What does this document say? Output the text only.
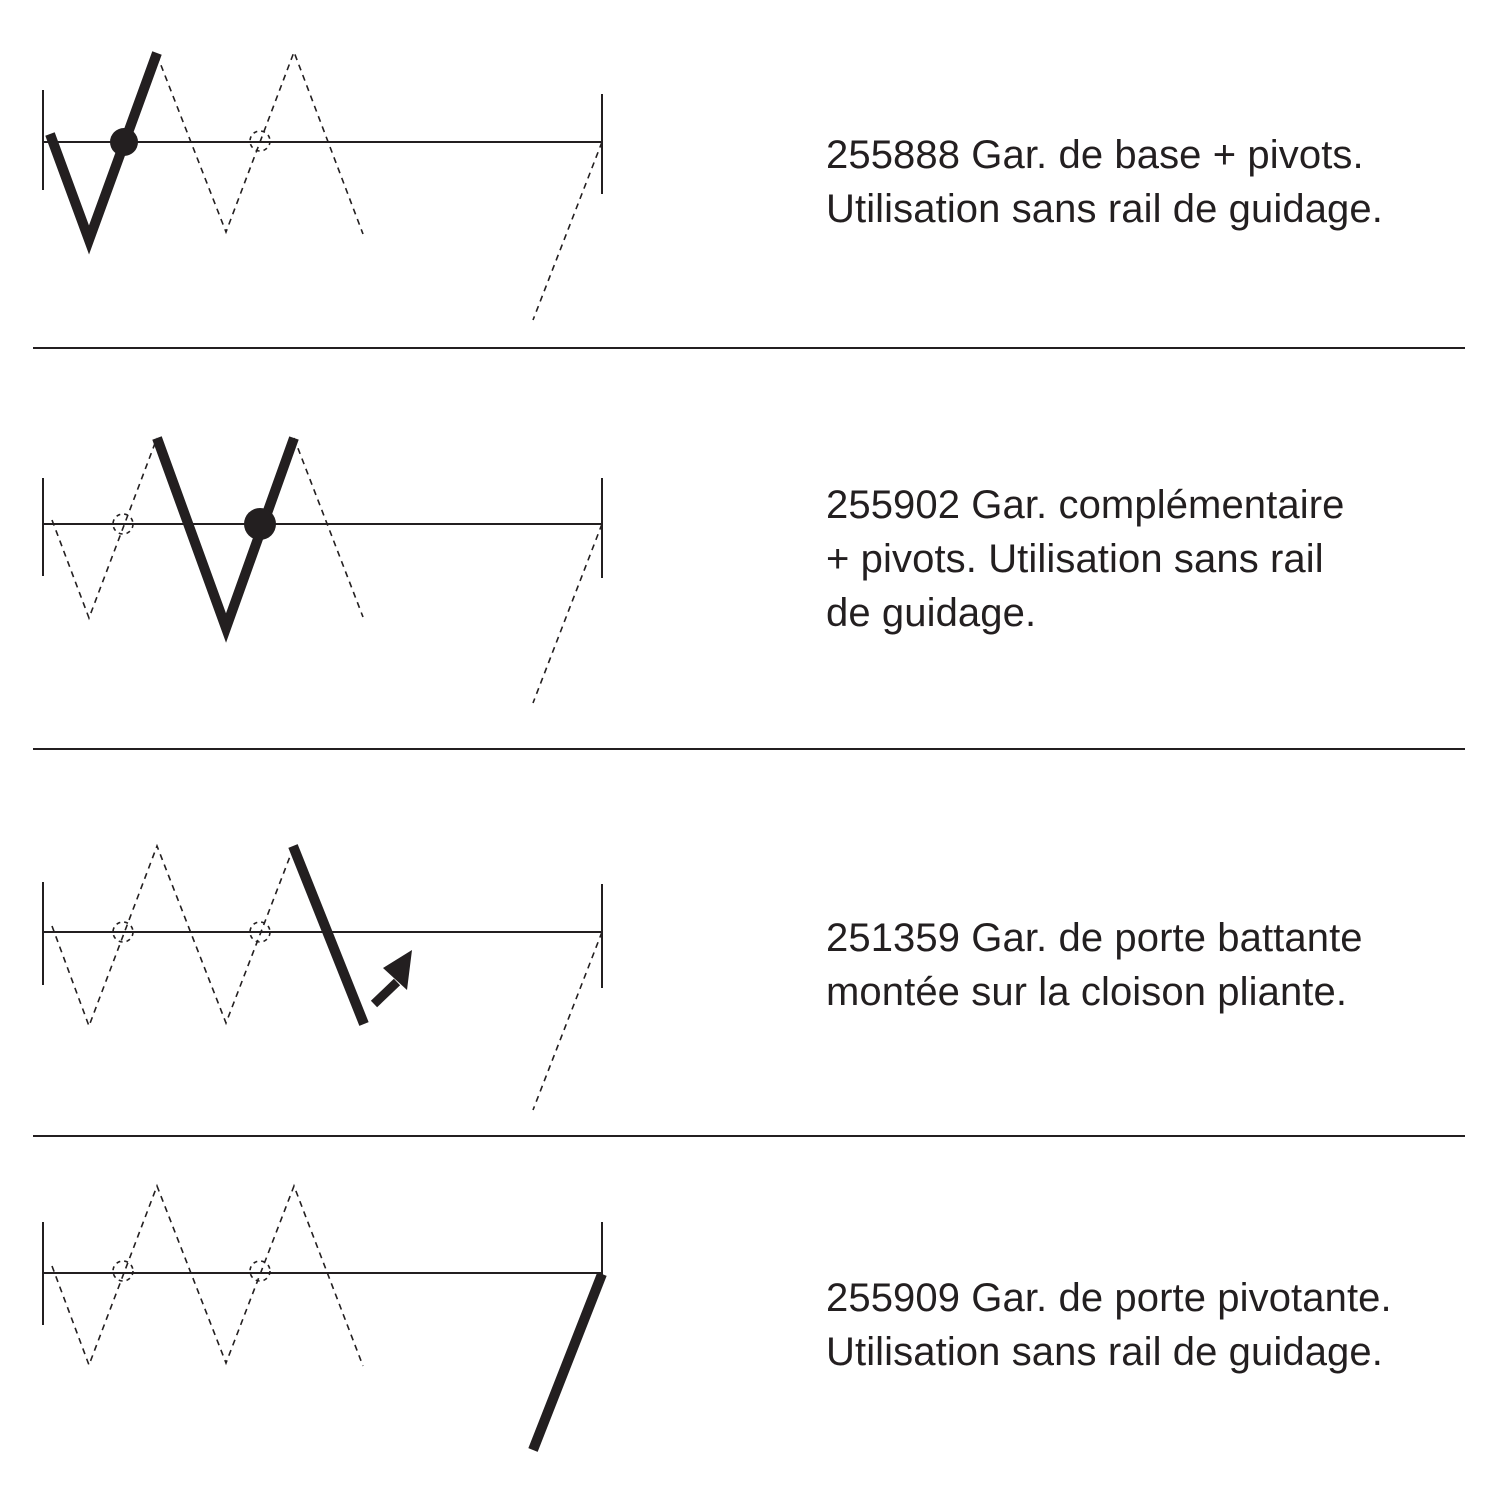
255888 Gar. de base + pivots.
Utilisation sans rail de guidage.
255902 Gar. complémentaire
+ pivots. Utilisation sans rail
de guidage.
251359 Gar. de porte battante
montée sur la cloison pliante.
255909 Gar. de porte pivotante.
Utilisation sans rail de guidage.
